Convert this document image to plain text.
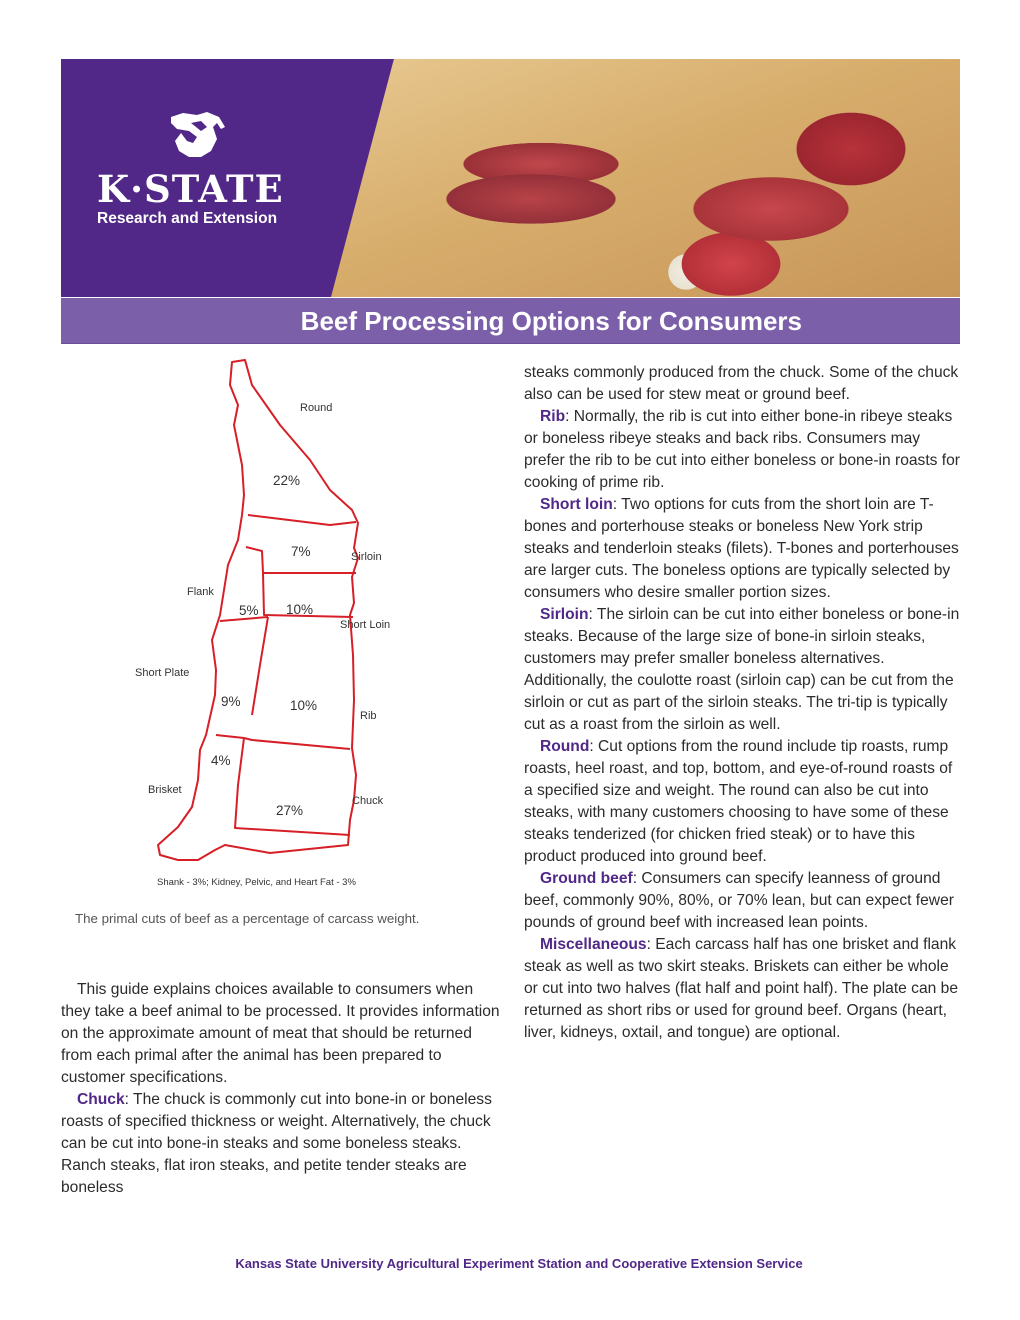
K·STATE
Research and Extension
Beef Processing Options for Consumers
Round
22%
7%	Sirloin
Flank
5% 10%
Short Loin
Short Plate
9%	10%
Rib
4%
Brisket
27%
Chuck
Shank - 3%; Kidney, Pelvic, and Heart Fat - 3%
The primal cuts of beef as a percentage of carcass weight.

This guide explains choices available to consumers when they take a beef animal to be processed. It provides information on the approximate amount of meat that should be returned from each primal after the animal has been prepared to customer specifications.

Chuck: The chuck is commonly cut into bone-in or boneless roasts of specified thickness or weight. Alternatively, the chuck can be cut into bone-in steaks and some boneless steaks. Ranch steaks, flat iron steaks, and petite tender steaks are boneless

steaks commonly produced from the chuck. Some of the chuck also can be used for stew meat or ground beef.

Rib: Normally, the rib is cut into either bone-in ribeye steaks or boneless ribeye steaks and back ribs. Consumers may prefer the rib to be cut into either boneless or bone-in roasts for cooking of prime rib.

Short loin: Two options for cuts from the short loin are T-bones and porterhouse steaks or boneless New York strip steaks and tenderloin steaks (filets). T-bones and porterhouses are larger cuts. The boneless options are typically selected by consumers who desire smaller portion sizes.

Sirloin: The sirloin can be cut into either boneless or bone-in steaks. Because of the large size of bone-in sirloin steaks, customers may prefer smaller boneless alternatives. Additionally, the coulotte roast (sirloin cap) can be cut from the sirloin or cut as part of the sirloin steaks. The tri-tip is typically cut as a roast from the sirloin as well.

Round: Cut options from the round include tip roasts, rump roasts, heel roast, and top, bottom, and eye-of-round roasts of a specified size and weight. The round can also be cut into steaks, with many customers choosing to have some of these steaks tenderized (for chicken fried steak) or to have this product produced into ground beef.

Ground beef: Consumers can specify leanness of ground beef, commonly 90%, 80%, or 70% lean, but can expect fewer pounds of ground beef with increased lean points.

Miscellaneous: Each carcass half has one brisket and flank steak as well as two skirt steaks. Briskets can either be whole or cut into two halves (flat half and point half). The plate can be returned as short ribs or used for ground beef. Organs (heart, liver, kidneys, oxtail, and tongue) are optional.

Kansas State University Agricultural Experiment Station and Cooperative Extension Service
